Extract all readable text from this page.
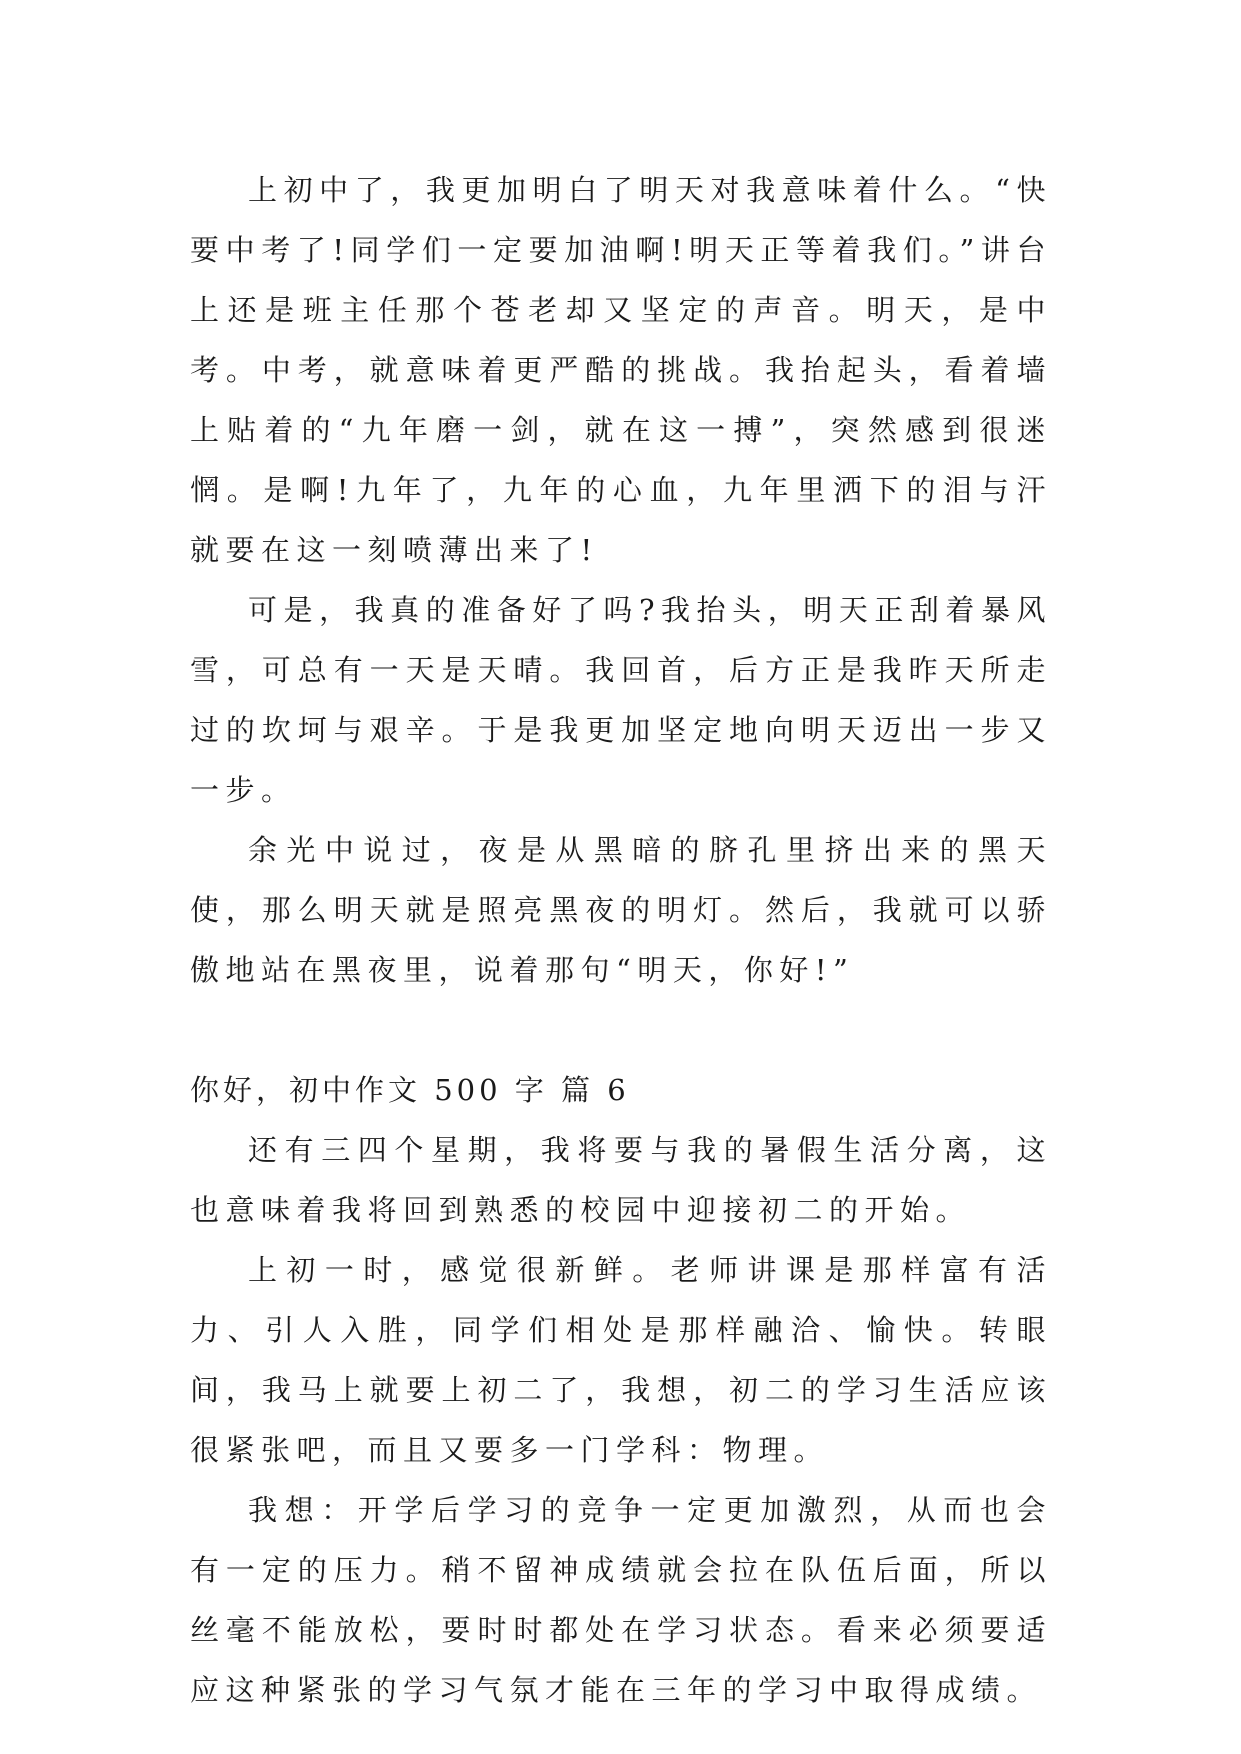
上初中了，我更加明白了明天对我意味着什么。“快要中考了!同学们一定要加油啊!明天正等着我们。”讲台上还是班主任那个苍老却又坚定的声音。明天，是中考。中考，就意味着更严酷的挑战。我抬起头，看着墙上贴着的“九年磨一剑，就在这一搏”，突然感到很迷惘。是啊!九年了，九年的心血，九年里洒下的泪与汗就要在这一刻喷薄出来了!

可是，我真的准备好了吗?我抬头，明天正刮着暴风雪，可总有一天是天晴。我回首，后方正是我昨天所走过的坎坷与艰辛。于是我更加坚定地向明天迈出一步又一步。

余光中说过，夜是从黑暗的脐孔里挤出来的黑天使，那么明天就是照亮黑夜的明灯。然后，我就可以骄傲地站在黑夜里，说着那句“明天，你好!”

你好，初中作文 500 字 篇 6

还有三四个星期，我将要与我的暑假生活分离，这也意味着我将回到熟悉的校园中迎接初二的开始。

上初一时，感觉很新鲜。老师讲课是那样富有活力、引人入胜，同学们相处是那样融洽、愉快。转眼间，我马上就要上初二了，我想，初二的学习生活应该很紧张吧，而且又要多一门学科：物理。

我想：开学后学习的竞争一定更加激烈，从而也会有一定的压力。稍不留神成绩就会拉在队伍后面，所以丝毫不能放松，要时时都处在学习状态。看来必须要适应这种紧张的学习气氛才能在三年的学习中取得成绩。
